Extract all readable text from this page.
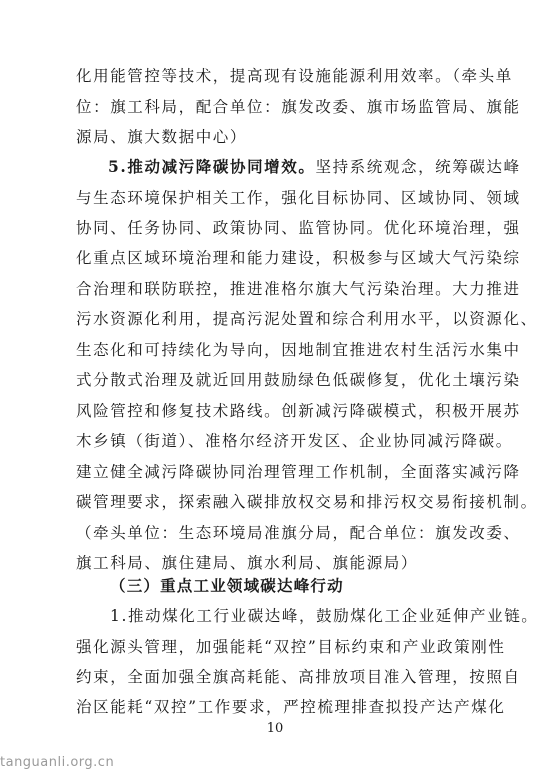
化用能管控等技术，提高现有设施能源利用效率。（牵头单
位：旗工科局，配合单位：旗发改委、旗市场监管局、旗能
源局、旗大数据中心）
5.推动减污降碳协同增效。坚持系统观念，统筹碳达峰
与生态环境保护相关工作，强化目标协同、区域协同、领域
协同、任务协同、政策协同、监管协同。优化环境治理，强
化重点区域环境治理和能力建设，积极参与区域大气污染综
合治理和联防联控，推进准格尔旗大气污染治理。大力推进
污水资源化利用，提高污泥处置和综合利用水平，以资源化、
生态化和可持续化为导向，因地制宜推进农村生活污水集中
式分散式治理及就近回用鼓励绿色低碳修复，优化土壤污染
风险管控和修复技术路线。创新减污降碳模式，积极开展苏
木乡镇（街道）、准格尔经济开发区、企业协同减污降碳。
建立健全减污降碳协同治理管理工作机制，全面落实减污降
碳管理要求，探索融入碳排放权交易和排污权交易衔接机制。
（牵头单位：生态环境局准旗分局，配合单位：旗发改委、
旗工科局、旗住建局、旗水利局、旗能源局）
（三）重点工业领域碳达峰行动
1.推动煤化工行业碳达峰，鼓励煤化工企业延伸产业链。
强化源头管理，加强能耗“双控”目标约束和产业政策刚性
约束，全面加强全旗高耗能、高排放项目准入管理，按照自
治区能耗“双控”工作要求，严控梳理排查拟投产达产煤化
10
tanguanli.org.cn
